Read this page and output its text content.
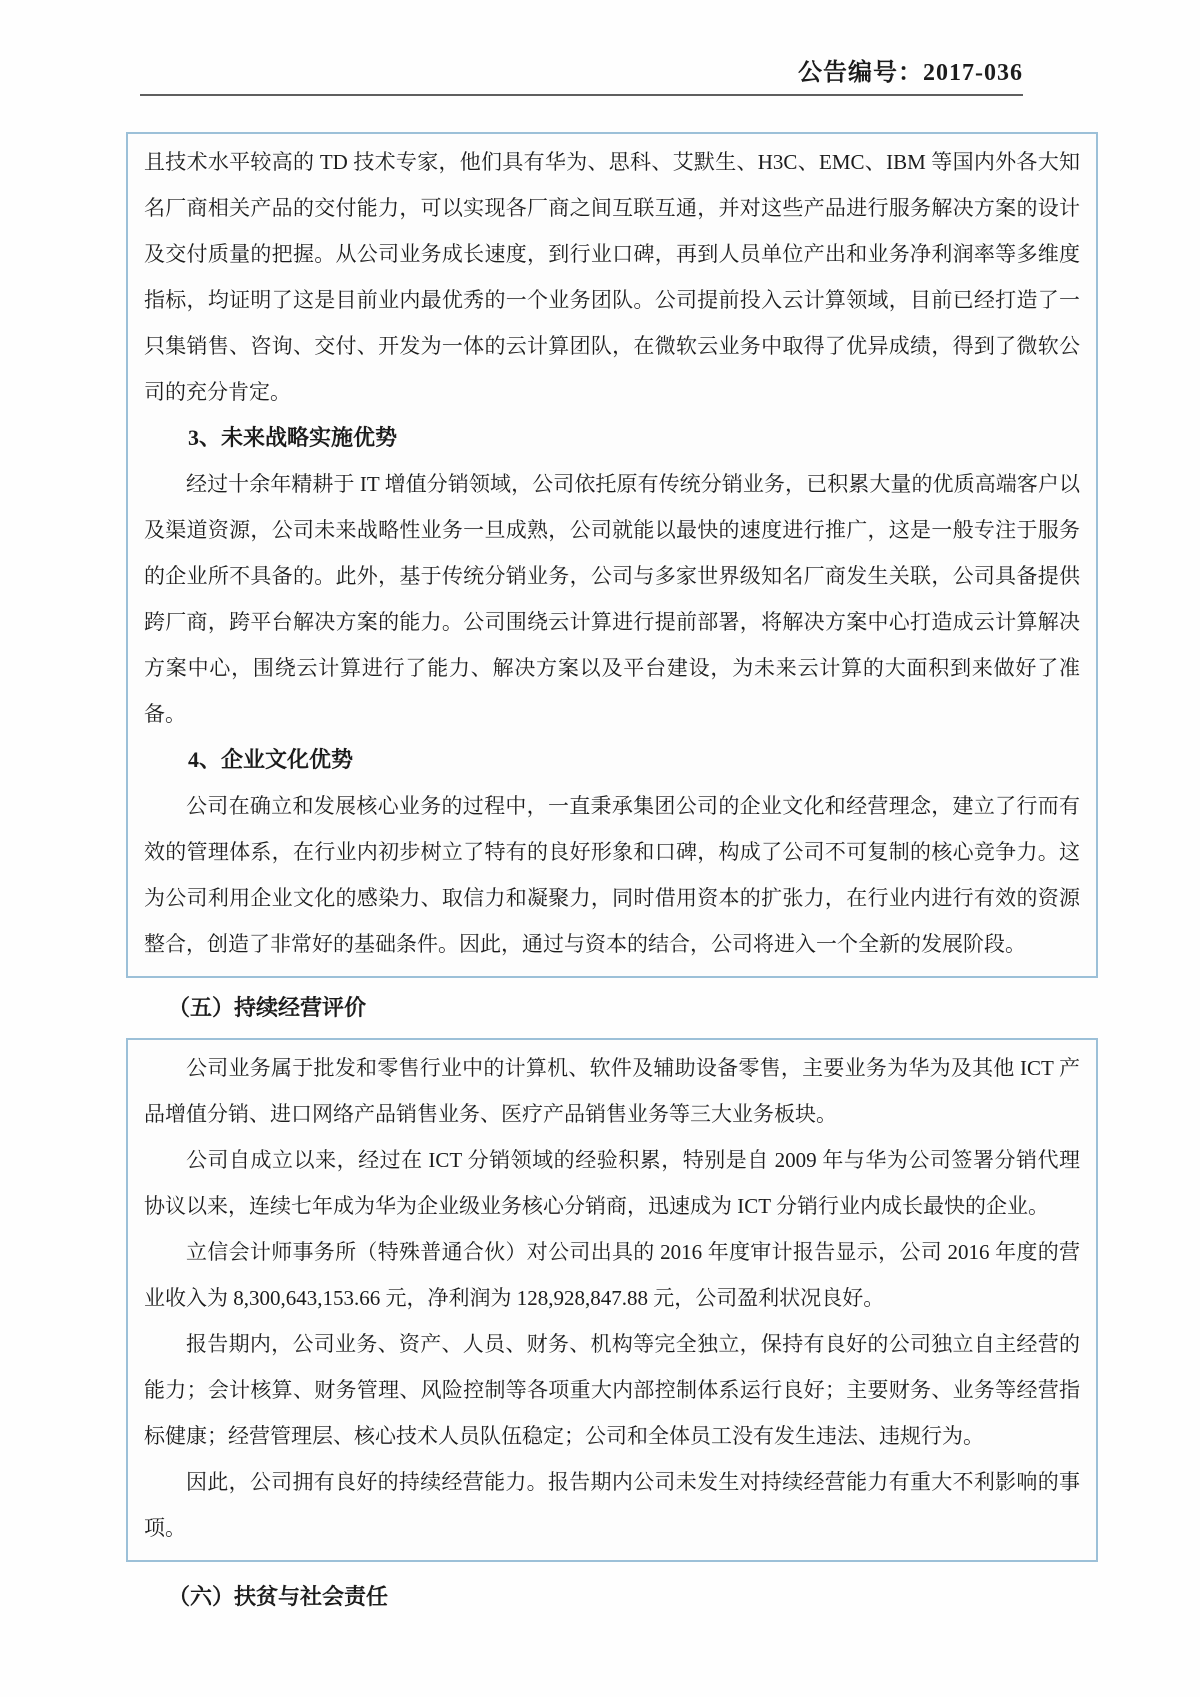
公告编号：2017-036

且技术水平较高的 TD 技术专家，他们具有华为、思科、艾默生、H3C、EMC、IBM 等国内外各大知名厂商相关产品的交付能力，可以实现各厂商之间互联互通，并对这些产品进行服务解决方案的设计及交付质量的把握。从公司业务成长速度，到行业口碑，再到人员单位产出和业务净利润率等多维度指标，均证明了这是目前业内最优秀的一个业务团队。公司提前投入云计算领域，目前已经打造了一只集销售、咨询、交付、开发为一体的云计算团队，在微软云业务中取得了优异成绩，得到了微软公司的充分肯定。

3、未来战略实施优势

经过十余年精耕于 IT 增值分销领域，公司依托原有传统分销业务，已积累大量的优质高端客户以及渠道资源，公司未来战略性业务一旦成熟，公司就能以最快的速度进行推广，这是一般专注于服务的企业所不具备的。此外，基于传统分销业务，公司与多家世界级知名厂商发生关联，公司具备提供跨厂商，跨平台解决方案的能力。公司围绕云计算进行提前部署，将解决方案中心打造成云计算解决方案中心，围绕云计算进行了能力、解决方案以及平台建设，为未来云计算的大面积到来做好了准备。

4、企业文化优势

公司在确立和发展核心业务的过程中，一直秉承集团公司的企业文化和经营理念，建立了行而有效的管理体系，在行业内初步树立了特有的良好形象和口碑，构成了公司不可复制的核心竞争力。这为公司利用企业文化的感染力、取信力和凝聚力，同时借用资本的扩张力，在行业内进行有效的资源整合，创造了非常好的基础条件。因此，通过与资本的结合，公司将进入一个全新的发展阶段。

（五）持续经营评价

公司业务属于批发和零售行业中的计算机、软件及辅助设备零售，主要业务为华为及其他 ICT 产品增值分销、进口网络产品销售业务、医疗产品销售业务等三大业务板块。

公司自成立以来，经过在 ICT 分销领域的经验积累，特别是自 2009 年与华为公司签署分销代理协议以来，连续七年成为华为企业级业务核心分销商，迅速成为 ICT 分销行业内成长最快的企业。

立信会计师事务所（特殊普通合伙）对公司出具的 2016 年度审计报告显示，公司 2016 年度的营业收入为 8,300,643,153.66 元，净利润为 128,928,847.88 元，公司盈利状况良好。

报告期内，公司业务、资产、人员、财务、机构等完全独立，保持有良好的公司独立自主经营的能力；会计核算、财务管理、风险控制等各项重大内部控制体系运行良好；主要财务、业务等经营指标健康；经营管理层、核心技术人员队伍稳定；公司和全体员工没有发生违法、违规行为。

因此，公司拥有良好的持续经营能力。报告期内公司未发生对持续经营能力有重大不利影响的事项。

（六）扶贫与社会责任
